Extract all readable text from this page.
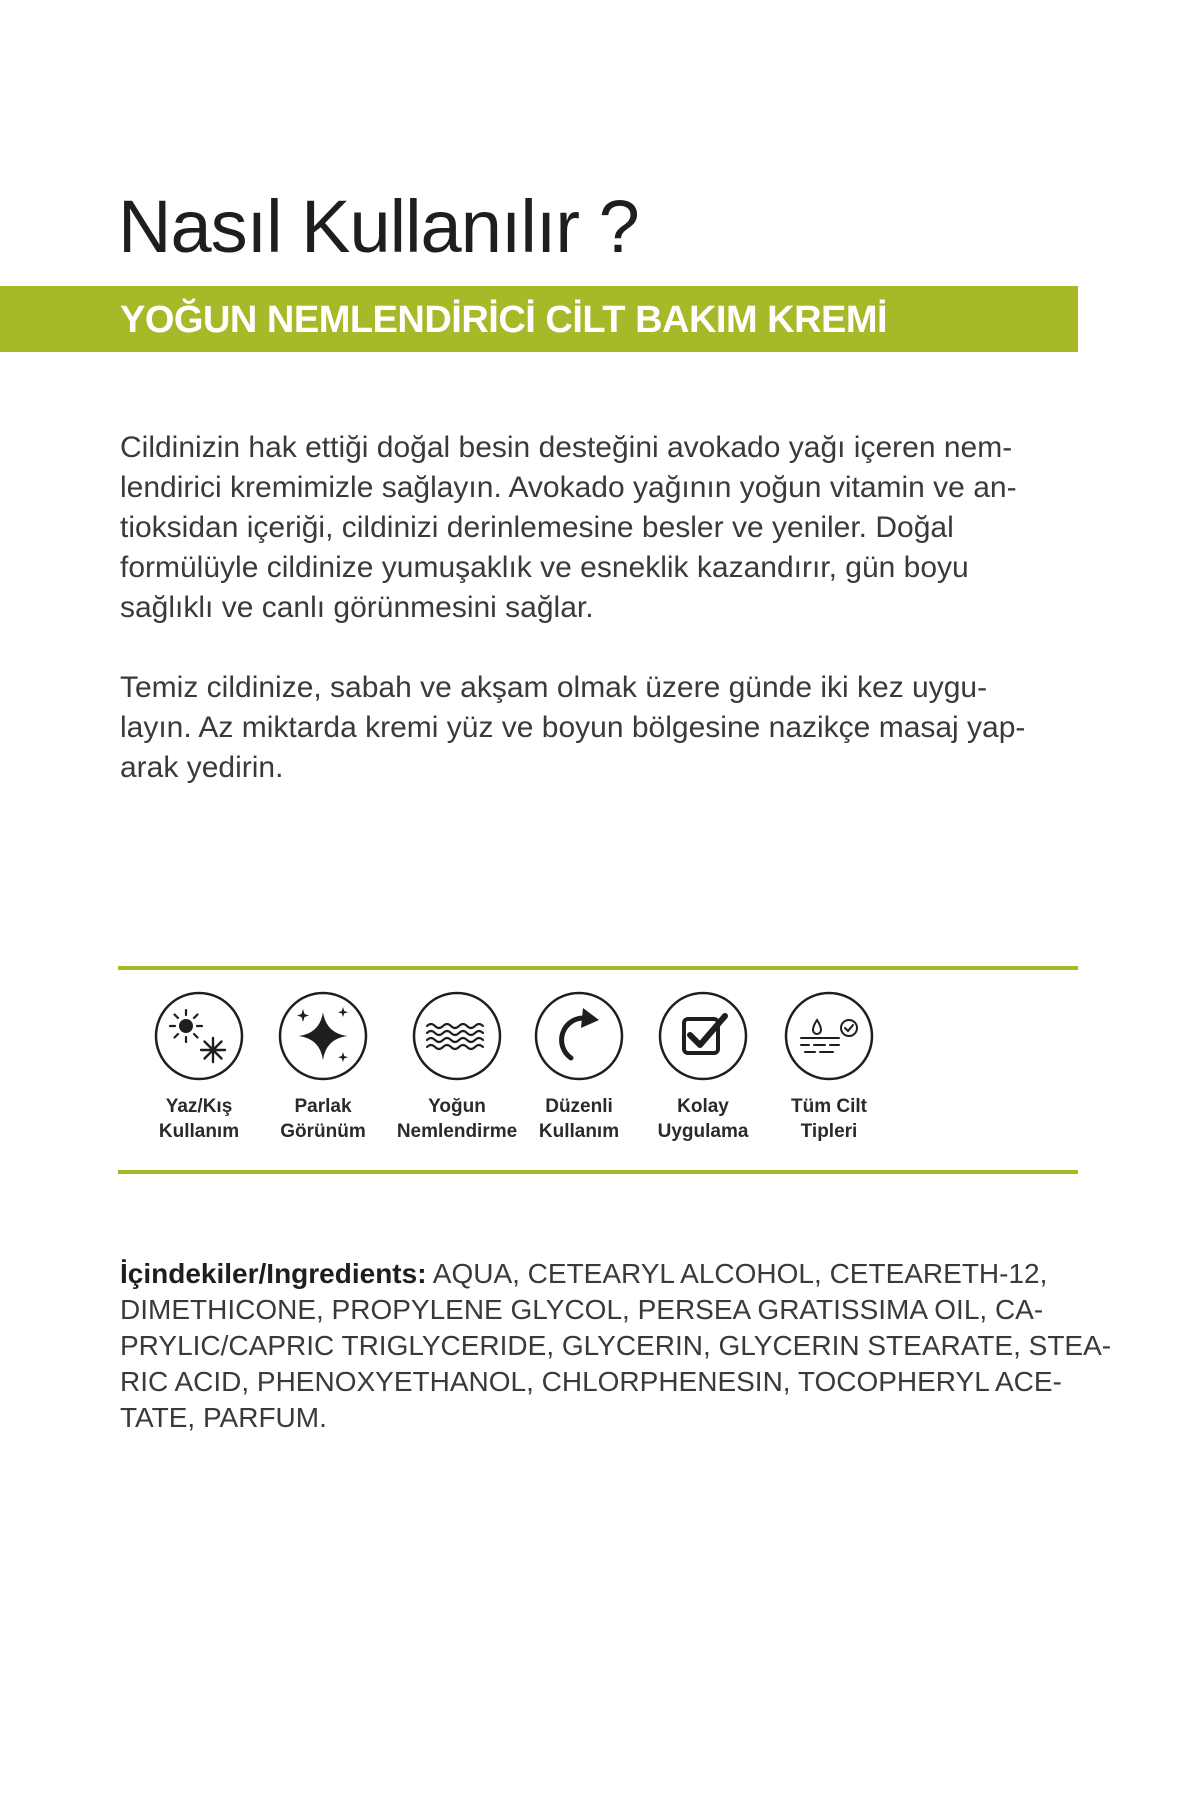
Nasıl Kullanılır ?
YOĞUN NEMLENDİRİCİ CİLT BAKIM KREMİ
Cildinizin hak ettiği doğal besin desteğini avokado yağı içeren nem-
lendirici kremimizle sağlayın. Avokado yağının yoğun vitamin ve an-
tioksidan içeriği, cildinizi derinlemesine besler ve yeniler. Doğal
formülüyle cildinize yumuşaklık ve esneklik kazandırır, gün boyu
sağlıklı ve canlı görünmesini sağlar.
Temiz cildinize, sabah ve akşam olmak üzere günde iki kez uygu-
layın. Az miktarda kremi yüz ve boyun bölgesine nazikçe masaj yap-
arak yedirin.
Yaz/Kış
Kullanım
Parlak
Görünüm
Yoğun
Nemlendirme
Düzenli
Kullanım
Kolay
Uygulama
Tüm Cilt
Tipleri
İçindekiler/Ingredients: AQUA, CETEARYL ALCOHOL, CETEARETH-12,
DIMETHICONE, PROPYLENE GLYCOL, PERSEA GRATISSIMA OIL, CA-
PRYLIC/CAPRIC TRIGLYCERIDE, GLYCERIN, GLYCERIN STEARATE, STEA-
RIC ACID, PHENOXYETHANOL, CHLORPHENESIN, TOCOPHERYL ACE-
TATE, PARFUM.
